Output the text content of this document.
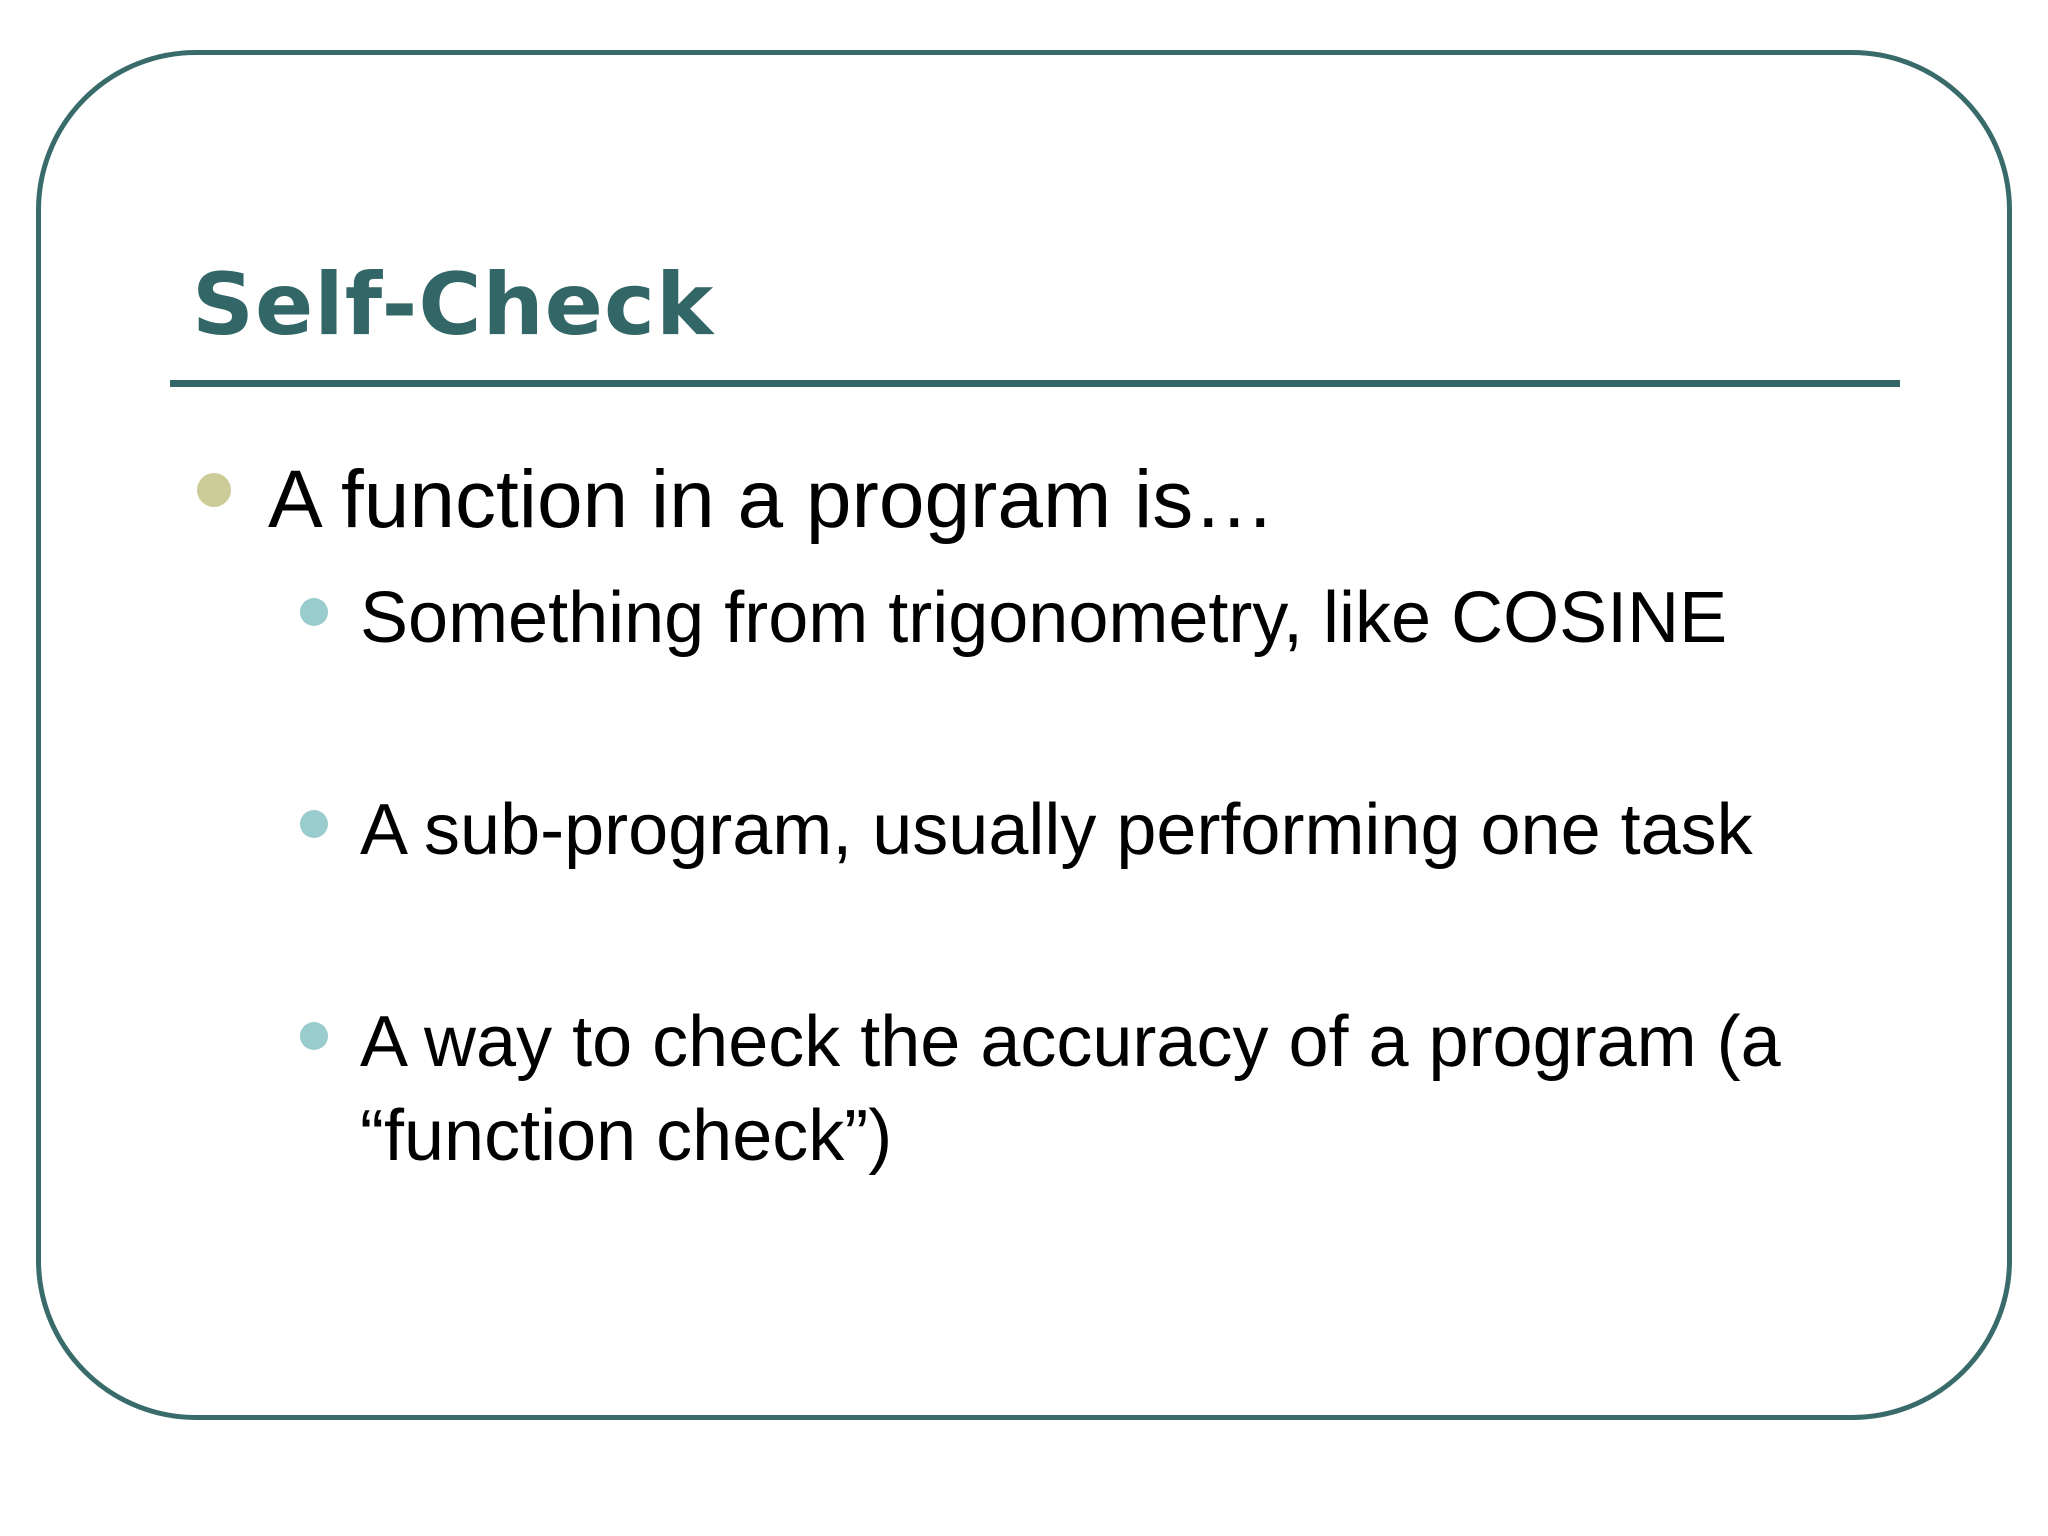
Self-Check

A function in a program is…

Something from trigonometry, like COSINE

A sub-program, usually performing one task

A way to check the accuracy of a program (a “function check”)
